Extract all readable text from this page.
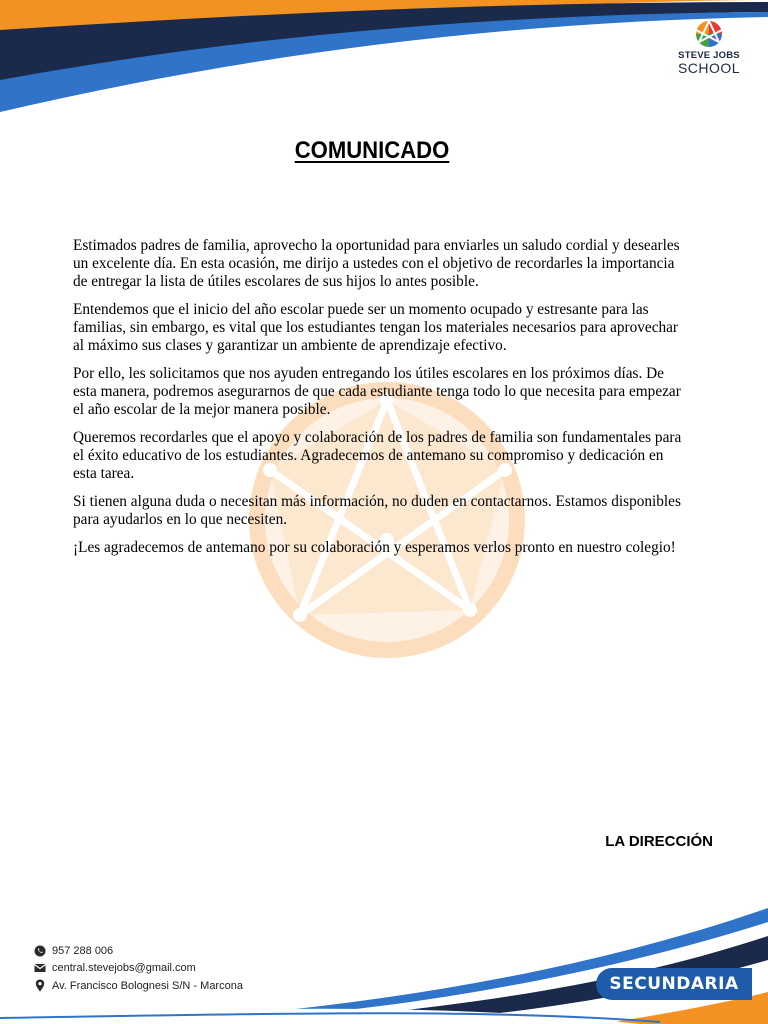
STEVE JOBS
SCHOOL
COMUNICADO

Estimados padres de familia, aprovecho la oportunidad para enviarles un saludo cordial y desearles un excelente día. En esta ocasión, me dirijo a ustedes con el objetivo de recordarles la importancia de entregar la lista de útiles escolares de sus hijos lo antes posible.

Entendemos que el inicio del año escolar puede ser un momento ocupado y estresante para las familias, sin embargo, es vital que los estudiantes tengan los materiales necesarios para aprovechar al máximo sus clases y garantizar un ambiente de aprendizaje efectivo.

Por ello, les solicitamos que nos ayuden entregando los útiles escolares en los próximos días. De esta manera, podremos asegurarnos de que cada estudiante tenga todo lo que necesita para empezar el año escolar de la mejor manera posible.

Queremos recordarles que el apoyo y colaboración de los padres de familia son fundamentales para el éxito educativo de los estudiantes. Agradecemos de antemano su compromiso y dedicación en esta tarea.

Si tienen alguna duda o necesitan más información, no duden en contactarnos. Estamos disponibles para ayudarlos en lo que necesiten.

¡Les agradecemos de antemano por su colaboración y esperamos verlos pronto en nuestro colegio!

LA DIRECCIÓN
957 288 006
central.stevejobs@gmail.com
Av. Francisco Bolognesi S/N - Marcona	SECUNDARIA
